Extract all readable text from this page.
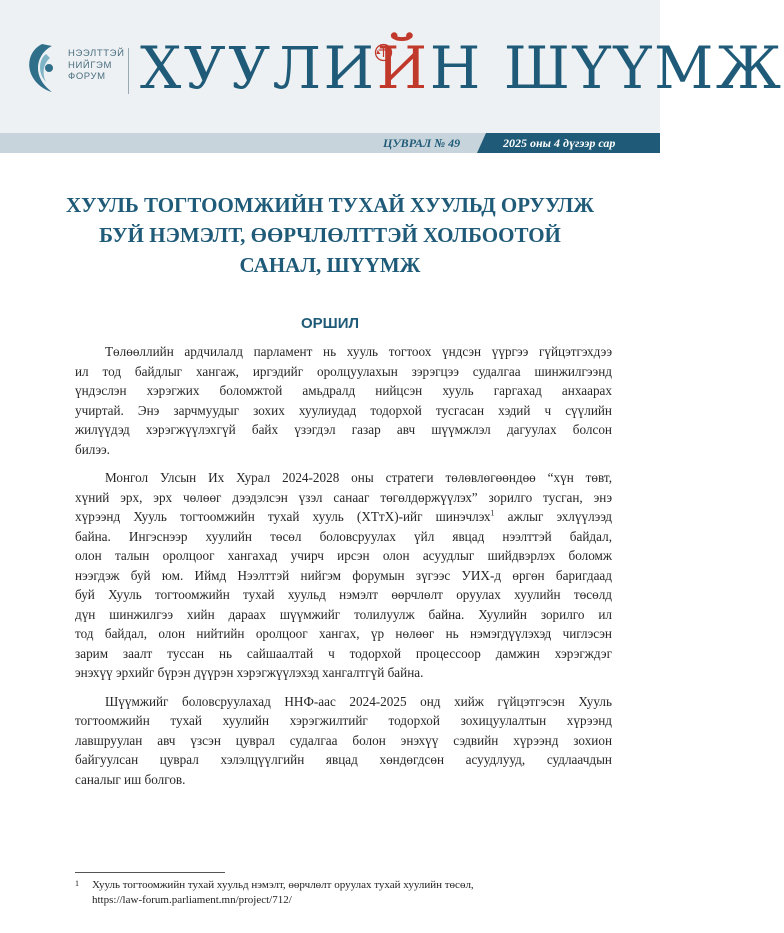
НЭЭЛТТЭЙ
НИЙГЭМ
ФОРУМ ХУУЛИ
ЙН ШҮҮМЖ
ЦУВРАЛ № 49	2025 оны 4 дүгээр сар
ХУУЛЬ ТОГТООМЖИЙН ТУХАЙ ХУУЛЬД ОРУУЛЖ
БУЙ НЭМЭЛТ, ӨӨРЧЛӨЛТТЭЙ ХОЛБООТОЙ
САНАЛ, ШҮҮМЖ
ОРШИЛ

Төлөөллийн ардчилалд парламент нь хууль тогтоох үндсэн үүргээ гүйцэтгэхдээ
ил тод байдлыг хангаж, иргэдийг оролцуулахын зэрэгцээ судалгаа шинжилгээнд
үндэслэн хэрэгжих боломжтой амьдралд нийцсэн хууль гаргахад анхаарах
учиртай. Энэ зарчмуудыг зохих хуулиудад тодорхой тусгасан хэдий ч сүүлийн
жилүүдэд хэрэгжүүлэхгүй байх үзэгдэл газар авч шүүмжлэл дагуулах болсон
билээ.

Монгол Улсын Их Хурал 2024-2028 оны стратеги төлөвлөгөөндөө “хүн төвт,
хүний эрх, эрх чөлөөг дээдэлсэн үзэл санааг төгөлдөржүүлэх” зорилго тусган, энэ
хүрээнд Хууль тогтоомжийн тухай хууль (ХТтХ)-ийг шинэчлэх$^1$ ажлыг эхлүүлээд
байна. Ингэснээр хуулийн төсөл боловсруулах үйл явцад нээлттэй байдал,
олон талын оролцоог хангахад учирч ирсэн олон асуудлыг шийдвэрлэх боломж
нээгдэж буй юм. Иймд Нээлттэй нийгэм форумын зүгээс УИХ-д өргөн баригдаад
буй Хууль тогтоомжийн тухай хуульд нэмэлт өөрчлөлт оруулах хуулийн төсөлд
дүн шинжилгээ хийн дараах шүүмжийг толилуулж байна. Хуулийн зорилго ил
тод байдал, олон нийтийн оролцоог хангах, үр нөлөөг нь нэмэгдүүлэхэд чиглэсэн
зарим заалт туссан нь сайшаалтай ч тодорхой процессоор дамжин хэрэгждэг
энэхүү эрхийг бүрэн дүүрэн хэрэгжүүлэхэд хангалтгүй байна.

Шүүмжийг боловсруулахад ННФ-аас 2024-2025 онд хийж гүйцэтгэсэн Хууль
тогтоомжийн тухай хуулийн хэрэгжилтийг тодорхой зохицуулалтын хүрээнд
лавшруулан авч үзсэн цуврал судалгаа болон энэхүү сэдвийн хүрээнд зохион
байгуулсан цуврал хэлэлцүүлгийн явцад хөндөгдсөн асуудлууд, судлаачдын
саналыг иш болгов.

1 Хууль тогтоомжийн тухай хуульд нэмэлт, өөрчлөлт оруулах тухай хуулийн төсөл,
https://law-forum.parliament.mn/project/712/
